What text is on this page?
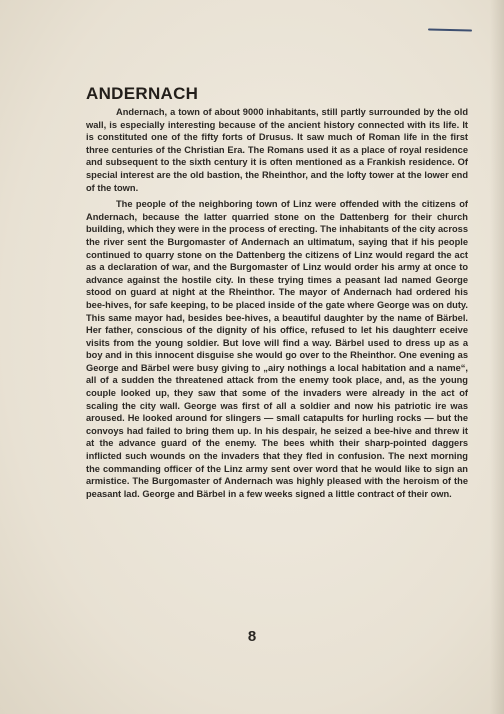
ANDERNACH

Andernach, a town of about 9000 inhabitants, still partly surrounded by the old wall, is especially interesting because of the ancient history connected with its life. It is constituted one of the fifty forts of Drusus. It saw much of Roman life in the first three centuries of the Christian Era. The Romans used it as a place of royal residence and subsequent to the sixth century it is often mentioned as a Frankish residence. Of special interest are the old bastion, the Rheinthor, and the lofty tower at the lower end of the town.

The people of the neighboring town of Linz were offended with the citizens of Andernach, because the latter quarried stone on the Dattenberg for their church building, which they were in the process of erecting. The inhabitants of the city across the river sent the Burgomaster of Andernach an ultimatum, saying that if his people continued to quarry stone on the Dattenberg the citizens of Linz would regard the act as a declaration of war, and the Burgomaster of Linz would order his army at once to advance against the hostile city. In these trying times a peasant lad named George stood on guard at night at the Rheinthor. The mayor of Andernach had ordered his bee-hives, for safe keeping, to be placed inside of the gate where George was on duty. This same mayor had, besides bee-hives, a beautiful daughter by the name of Bärbel. Her father, conscious of the dignity of his office, refused to let his daughterr eceive visits from the young soldier. But love will find a way. Bärbel used to dress up as a boy and in this innocent disguise she would go over to the Rheinthor. One evening as George and Bärbel were busy giving to „airy nothings a local habitation and a name“, all of a sudden the threatened attack from the enemy took place, and, as the young couple looked up, they saw that some of the invaders were already in the act of scaling the city wall. George was first of all a soldier and now his patriotic ire was aroused. He looked around for slingers — small catapults for hurling rocks — but the convoys had failed to bring them up. In his despair, he seized a bee-hive and threw it at the advance guard of the enemy. The bees whith their sharp-pointed daggers inflicted such wounds on the invaders that they fled in confusion. The next morning the commanding officer of the Linz army sent over word that he would like to sign an armistice. The Burgomaster of Andernach was highly pleased with the heroism of the peasant lad. George and Bärbel in a few weeks signed a little contract of their own.

8
